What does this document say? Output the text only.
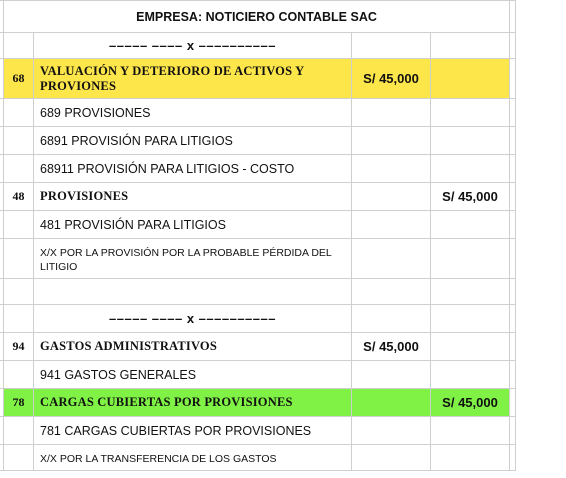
	EMPRESA: NOTICIERO CONTABLE SAC				
		––––– –––– x ––––––––––			
	68	VALUACIÓN Y DETERIORO DE ACTIVOS Y PROVIONES	S/ 45,000		
		689 PROVISIONES			
		6891 PROVISIÓN PARA LITIGIOS			
		68911 PROVISIÓN PARA LITIGIOS - COSTO			
	48	PROVISIONES		S/ 45,000	
		481 PROVISIÓN PARA LITIGIOS			
		X/X POR LA PROVISIÓN POR LA PROBABLE PÉRDIDA DEL LITIGIO			

		––––– –––– x ––––––––––			
	94	GASTOS ADMINISTRATIVOS	S/ 45,000		
		941 GASTOS GENERALES			
	78	CARGAS CUBIERTAS POR PROVISIONES		S/ 45,000	
		781 CARGAS CUBIERTAS POR PROVISIONES			
		X/X POR LA TRANSFERENCIA DE LOS GASTOS			
